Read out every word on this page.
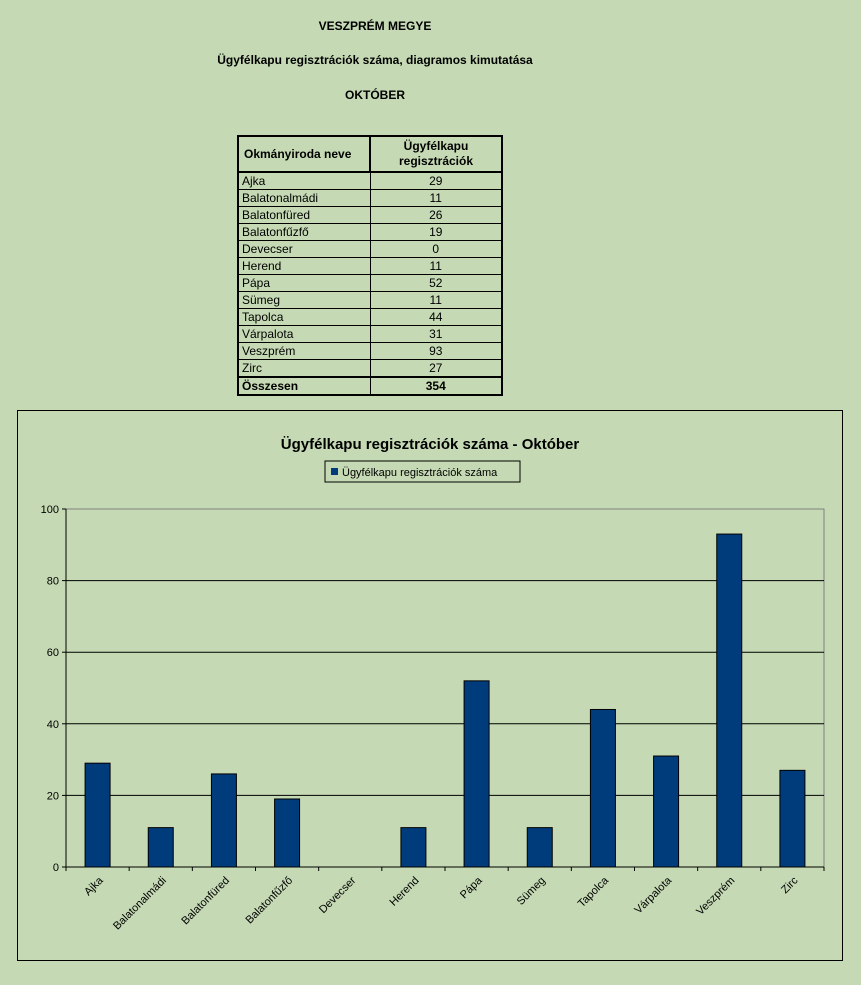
VESZPRÉM MEGYE
Ügyfélkapu regisztrációk száma, diagramos kimutatása
OKTÓBER
Okmányiroda neve	Ügyfélkapu
regisztrációk
Ajka	29
Balatonalmádi	11
Balatonfüred	26
Balatonfűzfő	19
Devecser	0
Herend	11
Pápa	52
Sümeg	11
Tapolca	44
Várpalota	31
Veszprém	93
Zirc	27
Összesen	354
Ügyfélkapu regisztrációk száma - Október
Ügyfélkapu regisztrációk száma
0
20
40
60
80
100
Ajka Balatonalmádi Balatonfüred Balatonfűzfő Devecser	Herend	Pápa	Sümeg	Tapolca Várpalota Veszprém	Zirc
